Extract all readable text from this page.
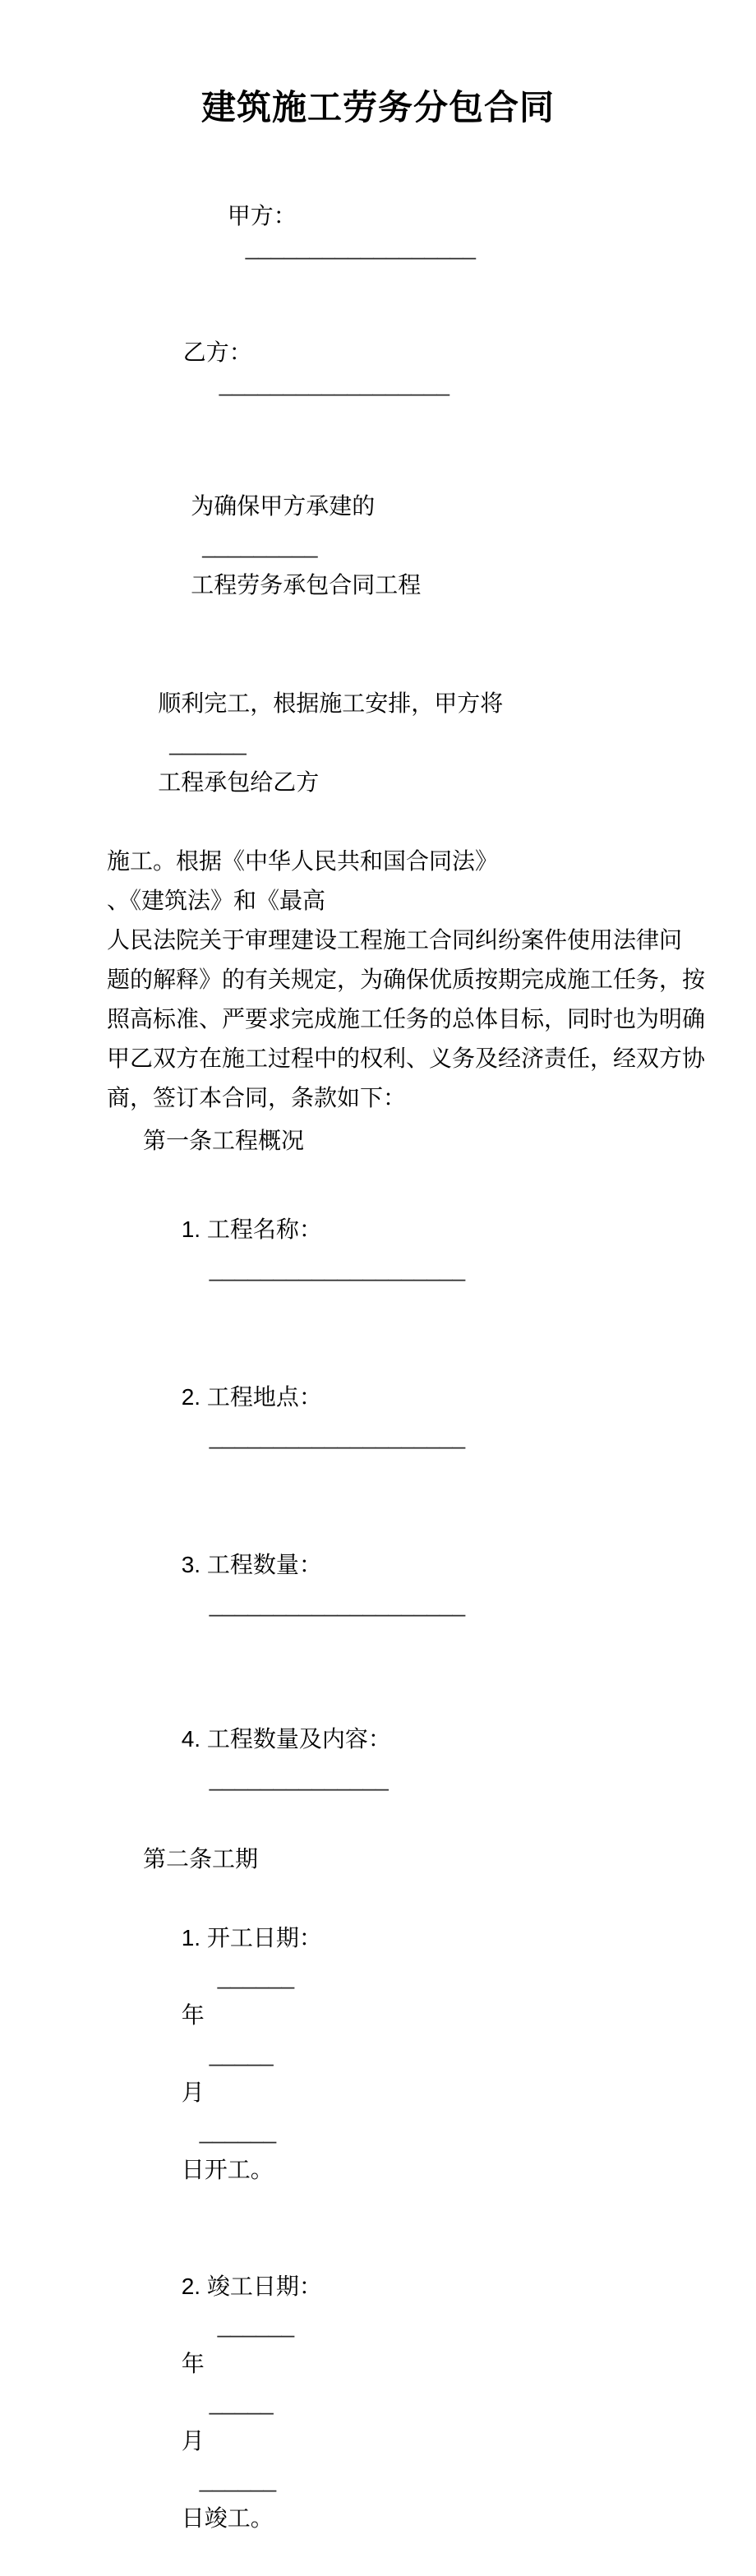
建筑施工劳务分包合同

甲方：
__________________

乙方：
__________________

为确保甲方承建的
_________
工程劳务承包合同工程

顺利完工，根据施工安排，甲方将
______
工程承包给乙方

施工。根据《中华人民共和国合同法》
、《建筑法》和《最高
人民法院关于审理建设工程施工合同纠纷案件使用法律问
题的解释》的有关规定，为确保优质按期完成施工任务，按
照高标准、严要求完成施工任务的总体目标，同时也为明确
甲乙双方在施工过程中的权利、义务及经济责任，经双方协
商，签订本合同，条款如下：
第一条工程概况

1. 工程名称：
____________________

2. 工程地点：
____________________

3. 工程数量：
____________________

4. 工程数量及内容：
______________

第二条工期

1. 开工日期：
______
年
_____
月
______
日开工。

2. 竣工日期：
______
年
_____
月
______
日竣工。
